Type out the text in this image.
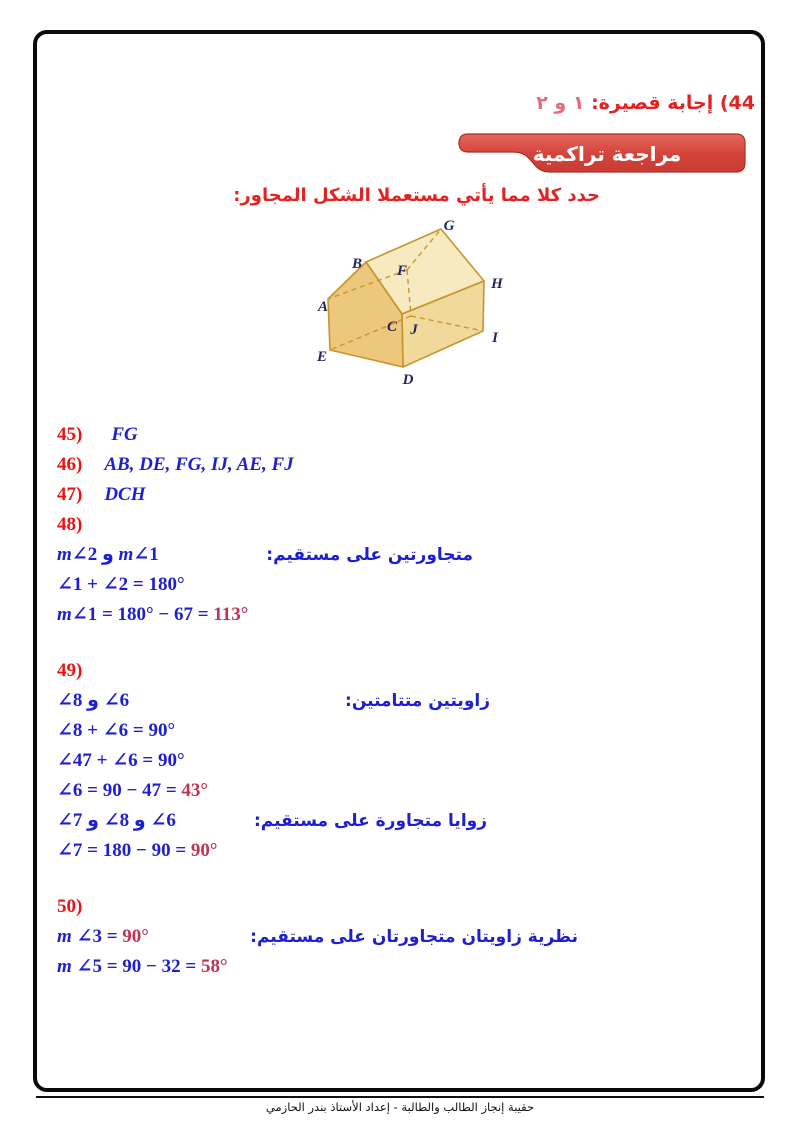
44) إجابة قصيرة: ١ و ٢
مراجعة تراكمية
حدد كلا مما يأتي مستعملا الشكل المجاور:
A
B
C
D
E
F
G
H
I
J
45) FG
46) AB, DE, FG, IJ, AE, FJ
47) DCH
48)
m∠2 و ‎m∠1	متجاورتين على مستقيم:
∠1 + ∠2 = 180°
m∠1 = 180° − 67 = 113°
49)
∠8 و ‎∠6	زاويتين متتامتين:
∠8 + ∠6 = 90°
∠47 + ∠6 = 90°
∠6 = 90 − 47 = 43°
∠7 و ‎∠8 و ‎∠6	زوايا متجاورة على مستقيم:
∠7 = 180 − 90 = 90°
50)
m ∠3 = 90°	نظرية زاويتان متجاورتان على مستقيم:
m ∠5 = 90 − 32 = 58°
حقيبة إنجاز الطالب والطالبة - إعداد الأستاذ بندر الحازمي
